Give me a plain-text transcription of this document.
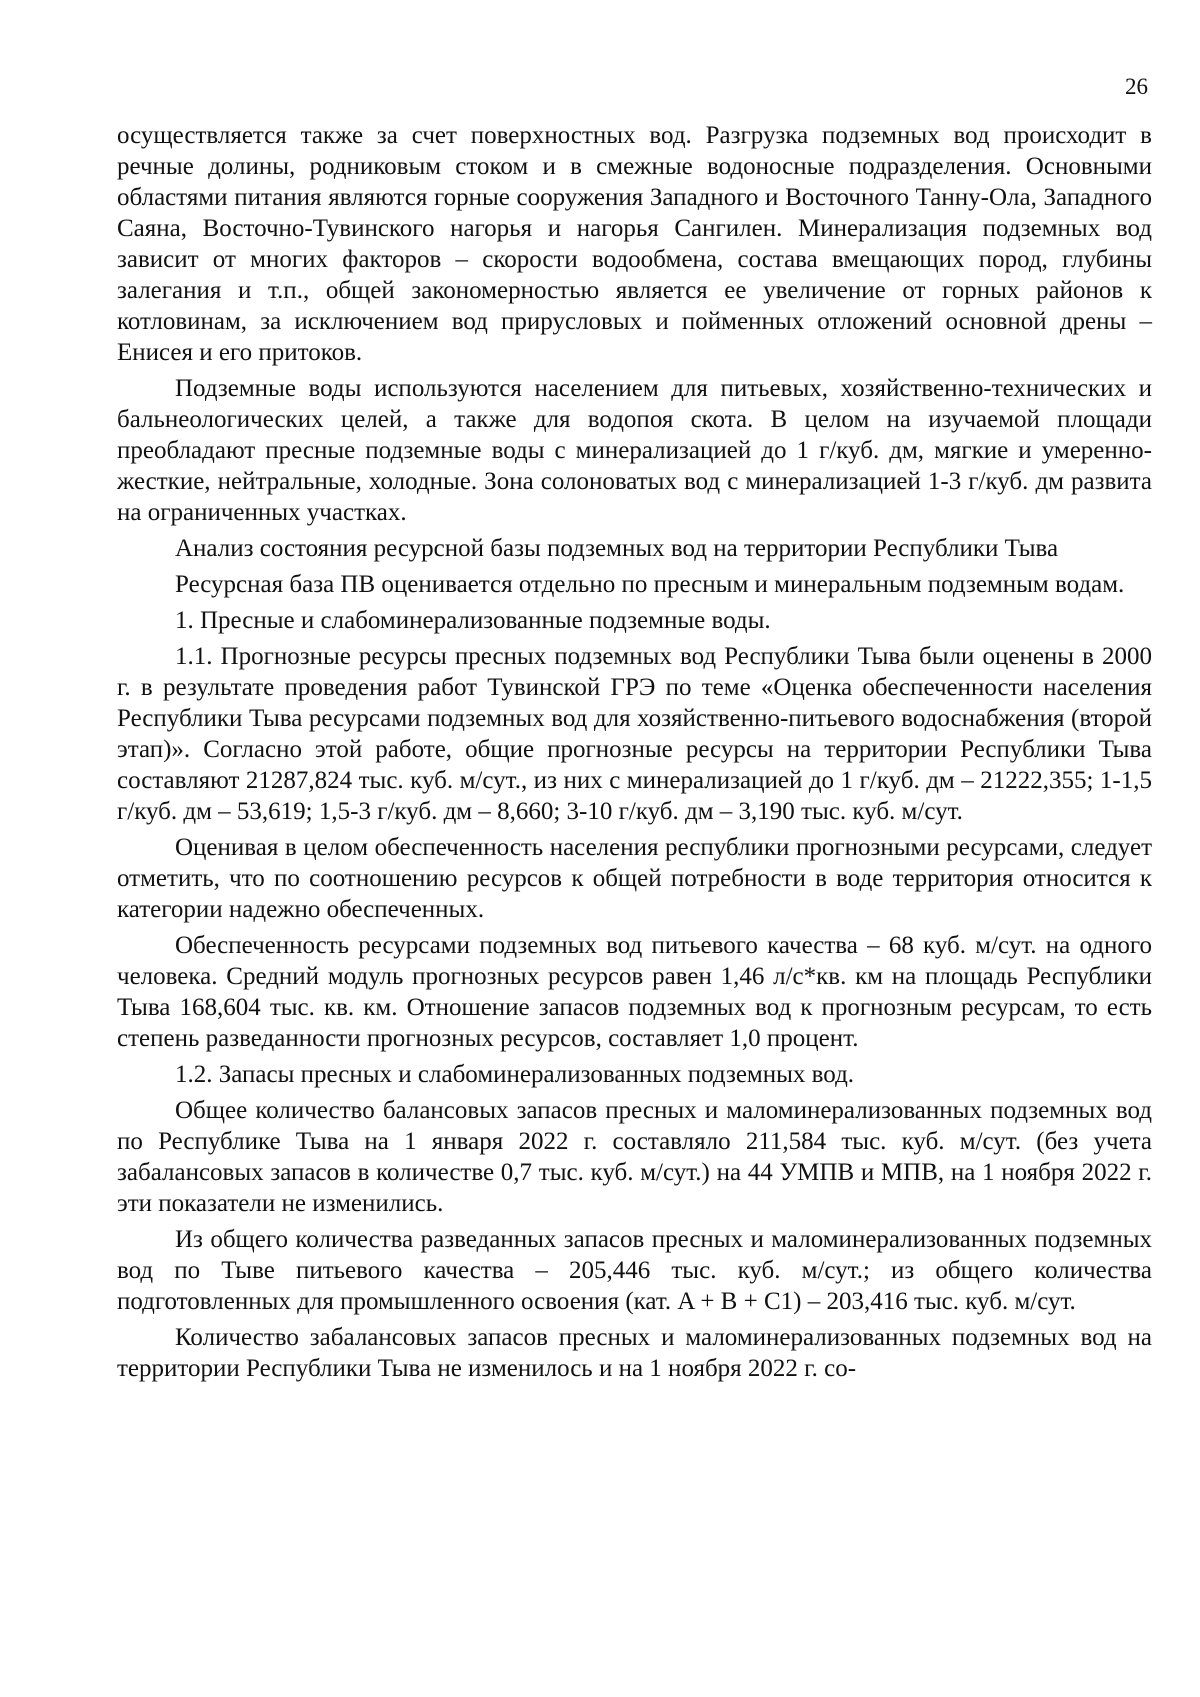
26

осуществляется также за счет поверхностных вод. Разгрузка подземных вод происходит в речные долины, родниковым стоком и в смежные водоносные подразделения. Основными областями питания являются горные сооружения Западного и Восточного Танну-Ола, Западного Саяна, Восточно-Тувинского нагорья и нагорья Сангилен. Минерализация подземных вод зависит от многих факторов – скорости водообмена, состава вмещающих пород, глубины залегания и т.п., общей закономерностью является ее увеличение от горных районов к котловинам, за исключением вод прирусловых и пойменных отложений основной дрены – Енисея и его притоков.

Подземные воды используются населением для питьевых, хозяйственно-технических и бальнеологических целей, а также для водопоя скота. В целом на изучаемой площади преобладают пресные подземные воды с минерализацией до 1 г/куб. дм, мягкие и умеренно-жесткие, нейтральные, холодные. Зона солоноватых вод с минерализацией 1-3 г/куб. дм развита на ограниченных участках.

Анализ состояния ресурсной базы подземных вод на территории Республики Тыва

Ресурсная база ПВ оценивается отдельно по пресным и минеральным подземным водам.

1. Пресные и слабоминерализованные подземные воды.

1.1. Прогнозные ресурсы пресных подземных вод Республики Тыва были оценены в 2000 г. в результате проведения работ Тувинской ГРЭ по теме «Оценка обеспеченности населения Республики Тыва ресурсами подземных вод для хозяйственно-питьевого водоснабжения (второй этап)». Согласно этой работе, общие прогнозные ресурсы на территории Республики Тыва составляют 21287,824 тыс. куб. м/сут., из них с минерализацией до 1 г/куб. дм – 21222,355; 1-1,5 г/куб. дм – 53,619; 1,5-3 г/куб. дм – 8,660; 3-10 г/куб. дм – 3,190 тыс. куб. м/сут.

Оценивая в целом обеспеченность населения республики прогнозными ресурсами, следует отметить, что по соотношению ресурсов к общей потребности в воде территория относится к категории надежно обеспеченных.

Обеспеченность ресурсами подземных вод питьевого качества – 68 куб. м/сут. на одного человека. Средний модуль прогнозных ресурсов равен 1,46 л/с*кв. км на площадь Республики Тыва 168,604 тыс. кв. км. Отношение запасов подземных вод к прогнозным ресурсам, то есть степень разведанности прогнозных ресурсов, составляет 1,0 процент.

1.2. Запасы пресных и слабоминерализованных подземных вод.

Общее количество балансовых запасов пресных и маломинерализованных подземных вод по Республике Тыва на 1 января 2022 г. составляло 211,584 тыс. куб. м/сут. (без учета забалансовых запасов в количестве 0,7 тыс. куб. м/сут.) на 44 УМПВ и МПВ, на 1 ноября 2022 г. эти показатели не изменились.

Из общего количества разведанных запасов пресных и маломинерализованных подземных вод по Тыве питьевого качества – 205,446 тыс. куб. м/сут.; из общего количества подготовленных для промышленного освоения (кат. A + B + C1) – 203,416 тыс. куб. м/сут.

Количество забалансовых запасов пресных и маломинерализованных подземных вод на территории Республики Тыва не изменилось и на 1 ноября 2022 г. со-
